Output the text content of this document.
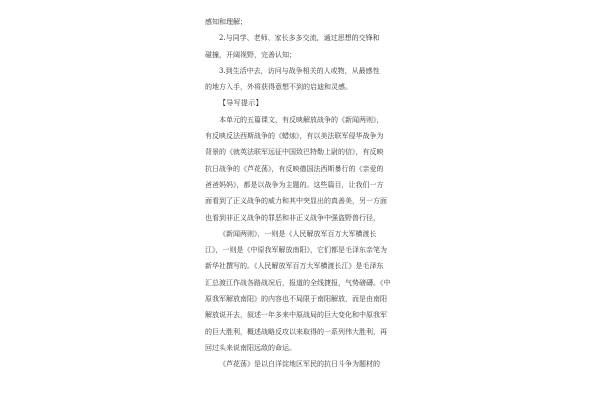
感知和理解；
2.与同学、老师、家长多多交流，通过思想的交锋和
碰撞，开阔视野，完善认知；
3.到生活中去，访问与战争相关的人或物，从最感性
的地方入手，外将获得意想不到的启迪和灵感。
【导写提示】
本单元的五篇课文，有反映解放战争的《新闻两则》，
有反映反法西斯战争的《蜡烛》，有以美法联军侵华战争为
背景的《就英法联军远征中国致巴特勒上尉的信》，有反映
抗日战争的《芦花荡》，有反映德国法西斯暴行的《亲爱的
爸爸妈妈》，都是以战争为主题的。这些篇目，让我们一方
面看到了正义战争的威力和其中突显出的真善美，另一方面
也看到非正义战争的罪恶和非正义战争中强盗野兽行径，
《新闻两则》，一则是《人民解放军百万大军横渡长
江》，一则是《中原我军解放南阳》，它们都是毛泽东亲笔为
新华社撰写的。《人民解放军百万大军横渡长江》是毛泽东
汇总渡江作战各路战况后，报道的全线捷报，气势磅礴。《中
原我军解放南阳》的内容也不局限于南阳解放，而是由南阳
解放说开去，叙述一年多来中原战局的巨大变化和中原我军
的巨大胜利，概述战略反攻以来取得的一系列伟大胜利，再
回过头来说南阳远敌的命运。
《芦花荡》是以白洋淀地区军民的抗日斗争为题材的
